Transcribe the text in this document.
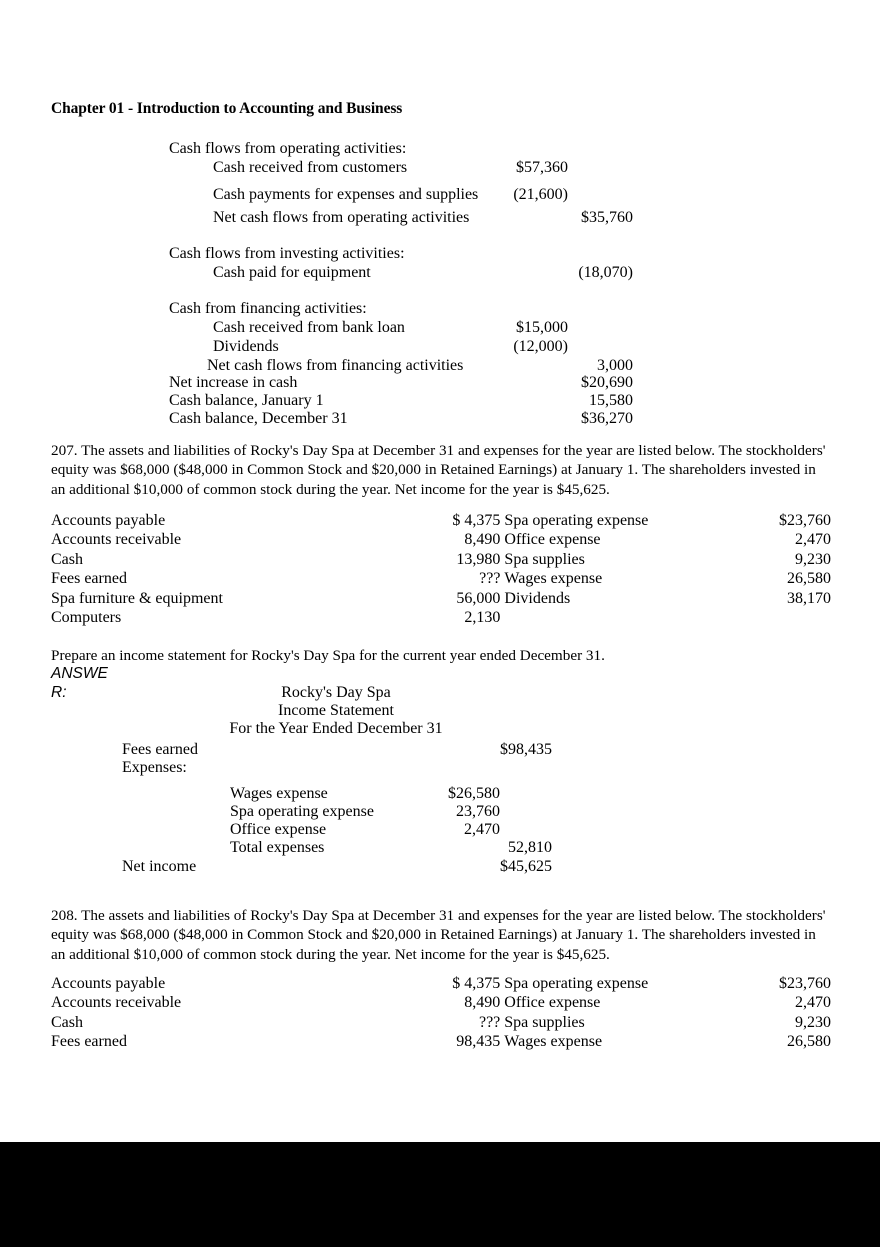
Chapter 01 - Introduction to Accounting and Business
Cash flows from operating activities:
Cash received from customers	$57,360
Cash payments for expenses and supplies	(21,600)
Net cash flows from operating activities	$35,760
Cash flows from investing activities:
Cash paid for equipment	(18,070)
Cash from financing activities:
Cash received from bank loan	$15,000
Dividends	(12,000)
Net cash flows from financing activities	3,000
Net increase in cash	$20,690
Cash balance, January 1	15,580
Cash balance, December 31	$36,270
207. The assets and liabilities of Rocky's Day Spa at December 31 and expenses for the year are listed below. The stockholders' equity was $68,000 ($48,000 in Common Stock and $20,000 in Retained Earnings) at January 1. The shareholders invested in an additional $10,000 of common stock during the year. Net income for the year is $45,625.
Accounts payable	$ 4,375	Spa operating expense	$23,760
Accounts receivable	8,490	Office expense	2,470
Cash	13,980	Spa supplies	9,230
Fees earned	???	Wages expense	26,580
Spa furniture & equipment	56,000	Dividends	38,170
Computers	2,130		
Prepare an income statement for Rocky's Day Spa for the current year ended December 31.
ANSWER:	Rocky's Day Spa
Income Statement
For the Year Ended December 31
Fees earned	$98,435
Expenses:
Wages expense	$26,580
Spa operating expense	23,760
Office expense	2,470
Total expenses	52,810
Net income	$45,625
208. The assets and liabilities of Rocky's Day Spa at December 31 and expenses for the year are listed below. The stockholders' equity was $68,000 ($48,000 in Common Stock and $20,000 in Retained Earnings) at January 1. The shareholders invested in an additional $10,000 of common stock during the year. Net income for the year is $45,625.
Accounts payable	$ 4,375	Spa operating expense	$23,760
Accounts receivable	8,490	Office expense	2,470
Cash	???	Spa supplies	9,230
Fees earned	98,435	Wages expense	26,580
